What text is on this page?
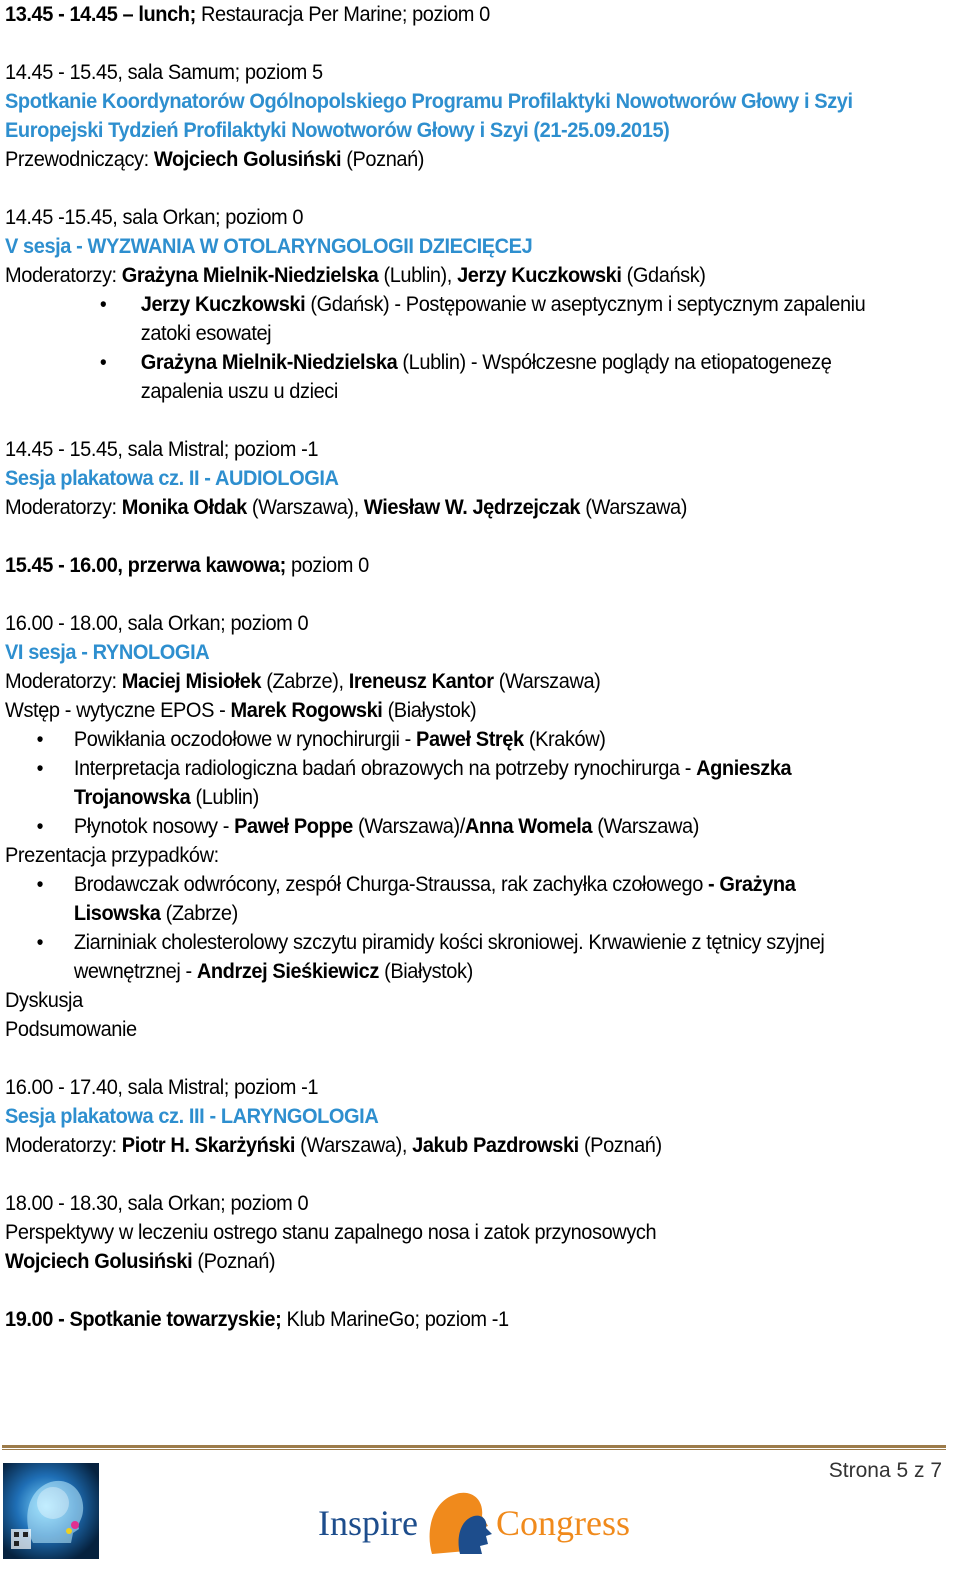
13.45 - 14.45 – lunch; Restauracja Per Marine; poziom 0
14.45 - 15.45, sala Samum; poziom 5
Spotkanie Koordynatorów Ogólnopolskiego Programu Profilaktyki Nowotworów Głowy i Szyi
Europejski Tydzień Profilaktyki Nowotworów Głowy i Szyi (21-25.09.2015)
Przewodniczący: Wojciech Golusiński (Poznań)
14.45 -15.45, sala Orkan; poziom 0
V sesja - WYZWANIA W OTOLARYNGOLOGII DZIECIĘCEJ
Moderatorzy: Grażyna Mielnik-Niedzielska (Lublin), Jerzy Kuczkowski (Gdańsk)
• Jerzy Kuczkowski (Gdańsk) - Postępowanie w aseptycznym i septycznym zapaleniu
zatoki esowatej
• Grażyna Mielnik-Niedzielska (Lublin) - Współczesne poglądy na etiopatogenezę
zapalenia uszu u dzieci
14.45 - 15.45, sala Mistral; poziom -1
Sesja plakatowa cz. II - AUDIOLOGIA
Moderatorzy: Monika Ołdak (Warszawa), Wiesław W. Jędrzejczak (Warszawa)
15.45 - 16.00, przerwa kawowa; poziom 0
16.00 - 18.00, sala Orkan; poziom 0
VI sesja - RYNOLOGIA
Moderatorzy: Maciej Misiołek (Zabrze), Ireneusz Kantor (Warszawa)
Wstęp - wytyczne EPOS - Marek Rogowski (Białystok)
• Powikłania oczodołowe w rynochirurgii - Paweł Stręk (Kraków)
• Interpretacja radiologiczna badań obrazowych na potrzeby rynochirurga - Agnieszka
Trojanowska (Lublin)
• Płynotok nosowy - Paweł Poppe (Warszawa)/Anna Womela (Warszawa)
Prezentacja przypadków:
• Brodawczak odwrócony, zespół Churga-Straussa, rak zachyłka czołowego - Grażyna
Lisowska (Zabrze)
• Ziarniniak cholesterolowy szczytu piramidy kości skroniowej. Krwawienie z tętnicy szyjnej
wewnętrznej - Andrzej Sieśkiewicz (Białystok)
Dyskusja
Podsumowanie
16.00 - 17.40, sala Mistral; poziom -1
Sesja plakatowa cz. III - LARYNGOLOGIA
Moderatorzy: Piotr H. Skarżyński (Warszawa), Jakub Pazdrowski (Poznań)
18.00 - 18.30, sala Orkan; poziom 0
Perspektywy w leczeniu ostrego stanu zapalnego nosa i zatok przynosowych
Wojciech Golusiński (Poznań)
19.00 - Spotkanie towarzyskie; Klub MarineGo; poziom -1
Inspire Congress
Strona 5 z 7
